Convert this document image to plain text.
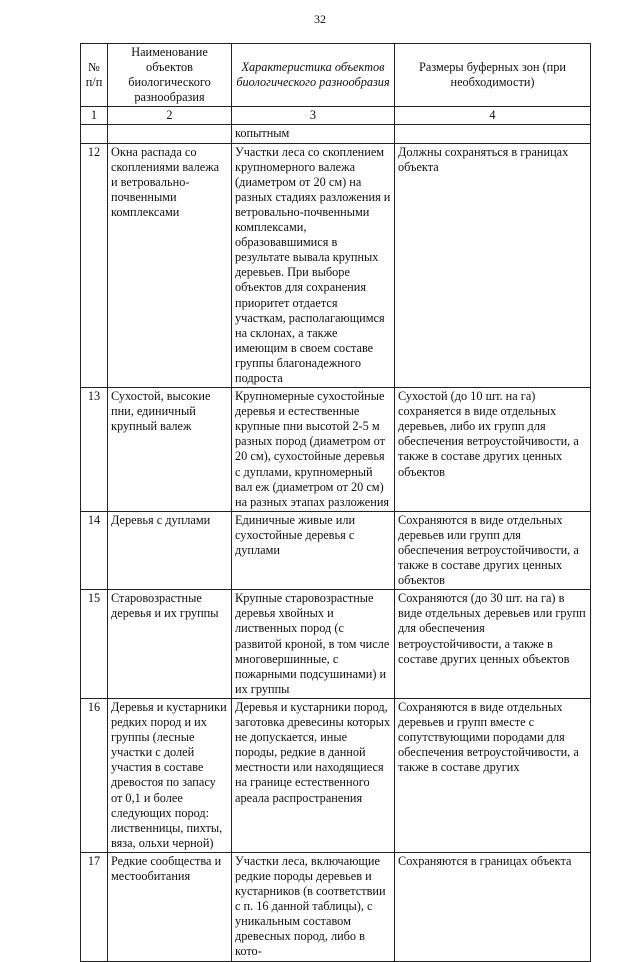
32
№ п/п	Наименование объектов биологического разнообразия	Характеристика объектов биологического разнообразия	Размеры буферных зон (при необходимости)
1	2	3	4
		копытным	
12	Окна распада со скоплениями валежа и ветровально-почвенными комплексами	Участки леса со скоплением крупномерного валежа (диаметром от 20 см) на разных стадиях разложения и ветровально-почвенными комплексами, образовавшимися в результате вывала крупных деревьев. При выборе объектов для сохранения приоритет отдается участкам, располагающимся на склонах, а также имеющим в своем составе группы благонадежного подроста	Должны сохраняться в границах объекта
13	Сухостой, высокие пни, единичный крупный валеж	Крупномерные сухостойные деревья и естественные крупные пни высотой 2-5 м разных пород (диаметром от 20 см), сухостойные деревья с дуплами, крупномерный вал еж (диаметром от 20 см) на разных этапах разложения	Сухостой (до 10 шт. на га) сохраняется в виде отдельных деревьев, либо их групп для обеспечения ветроустойчивости, а также в составе других ценных объектов
14	Деревья с дуплами	Единичные живые или сухостойные деревья с дуплами	Сохраняются в виде отдельных деревьев или групп для обеспечения ветроустойчивости, а также в составе других ценных объектов
15	Старовозрастные деревья и их группы	Крупные старовозрастные деревья хвойных и лиственных пород (с развитой кроной, в том числе многовершинные, с пожарными подсушинами) и их группы	Сохраняются (до 30 шт. на га) в виде отдельных деревьев или групп для обеспечения ветроустойчивости, а также в составе других ценных объектов
16	Деревья и кустарники редких пород и их группы (лесные участки с долей участия в составе древостоя по запасу от 0,1 и более следующих пород: лиственницы, пихты, вяза, ольхи черной)	Деревья и кустарники пород, заготовка древесины которых не допускается, иные породы, редкие в данной местности или находящиеся на границе естественного ареала распространения	Сохраняются в виде отдельных деревьев и групп вместе с сопутствующими породами для обеспечения ветроустойчивости, а также в составе других
17	Редкие сообщества и местообитания	Участки леса, включающие редкие породы деревьев и кустарников (в соответствии с п. 16 данной таблицы), с уникальным составом древесных пород, либо в кото-	Сохраняются в границах объекта
